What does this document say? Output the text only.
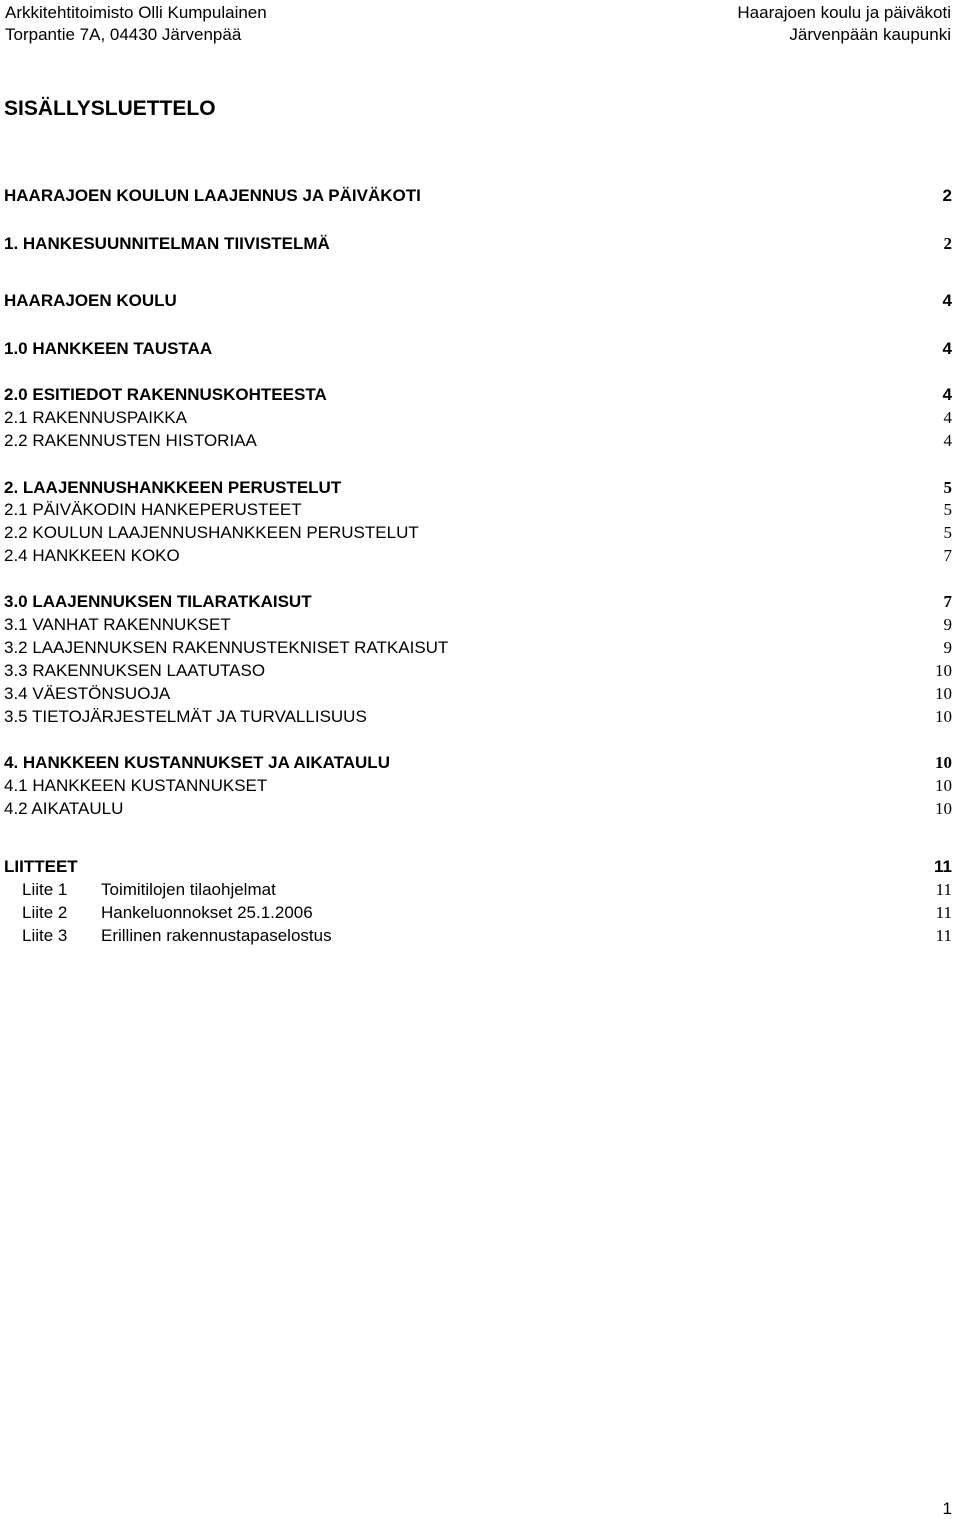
Arkkitehtitoimisto Olli Kumpulainen
Torpantie 7A, 04430 Järvenpää
Haarajoen koulu ja päiväkoti
Järvenpään kaupunki
SISÄLLYSLUETTELO
HAARAJOEN KOULUN LAAJENNUS JA PÄIVÄKOTI	2
1. HANKESUUNNITELMAN TIIVISTELMÄ	2
HAARAJOEN KOULU	4
1.0 HANKKEEN TAUSTAA	4
2.0 ESITIEDOT RAKENNUSKOHTEESTA	4
2.1 RAKENNUSPAIKKA	4
2.2 RAKENNUSTEN HISTORIAA	4
2. LAAJENNUSHANKKEEN PERUSTELUT	5
2.1 PÄIVÄKODIN HANKEPERUSTEET	5
2.2 KOULUN LAAJENNUSHANKKEEN PERUSTELUT	5
2.4 HANKKEEN KOKO	7
3.0 LAAJENNUKSEN TILARATKAISUT	7
3.1 VANHAT RAKENNUKSET	9
3.2 LAAJENNUKSEN RAKENNUSTEKNISET RATKAISUT	9
3.3 RAKENNUKSEN LAATUTASO	10
3.4 VÄESTÖNSUOJA	10
3.5 TIETOJÄRJESTELMÄT JA TURVALLISUUS	10
4. HANKKEEN KUSTANNUKSET JA AIKATAULU	10
4.1 HANKKEEN KUSTANNUKSET	10
4.2 AIKATAULU	10
LIITTEET	11
Liite 1 Toimitilojen tilaohjelmat	11
Liite 2 Hankeluonnokset 25.1.2006	11
Liite 3 Erillinen rakennustapaselostus	11
1
